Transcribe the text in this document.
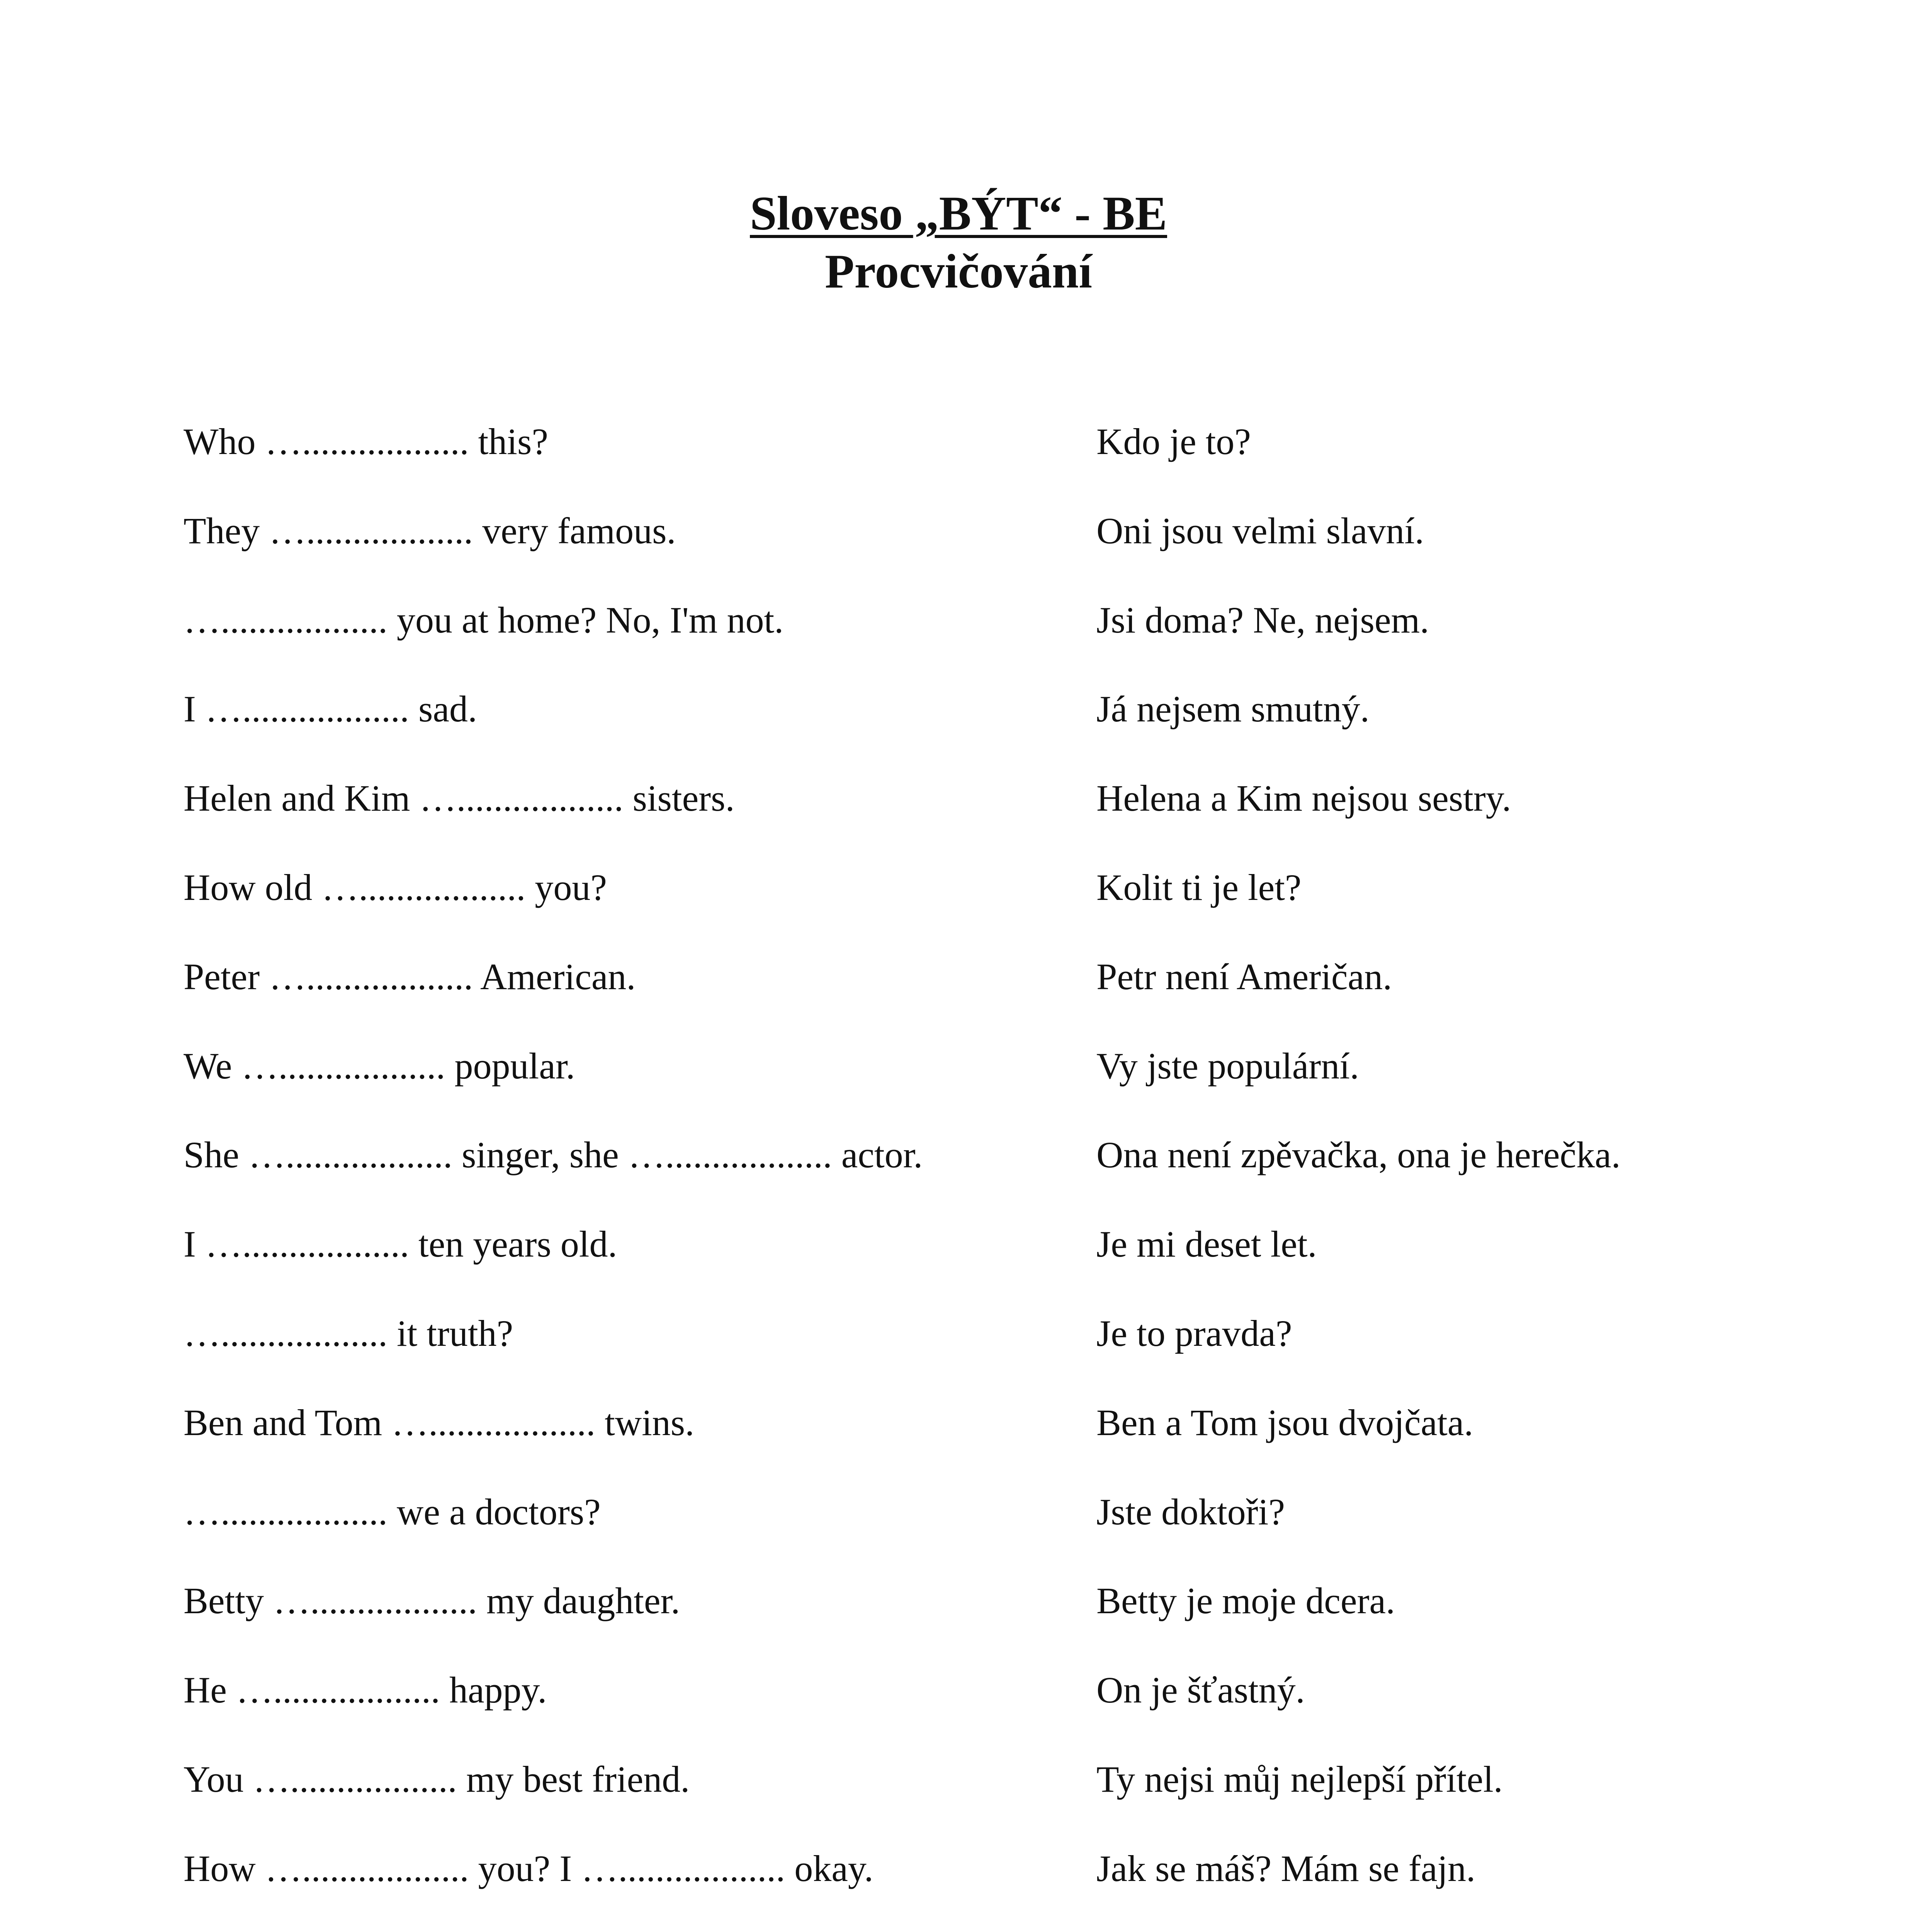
Sloveso „BÝT“ - BE
Procvičování
Who ….................. this?	Kdo je to?
They ….................. very famous.	Oni jsou velmi slavní.
….................. you at home? No, I'm not.	Jsi doma? Ne, nejsem.
I ….................. sad.	Já nejsem smutný.
Helen and Kim ….................. sisters.	Helena a Kim nejsou sestry.
How old ….................. you?	Kolit ti je let?
Peter ….................. American.	Petr není Američan.
We ….................. popular.	Vy jste populární.
She ….................. singer, she ….................. actor.	Ona není zpěvačka, ona je herečka.
I ….................. ten years old.	Je mi deset let.
….................. it truth?	Je to pravda?
Ben and Tom ….................. twins.	Ben a Tom jsou dvojčata.
….................. we a doctors?	Jste doktoři?
Betty ….................. my daughter.	Betty je moje dcera.
He ….................. happy.	On je šťastný.
You ….................. my best friend.	Ty nejsi můj nejlepší přítel.
How ….................. you? I ….................. okay.	Jak se máš? Mám se fajn.
